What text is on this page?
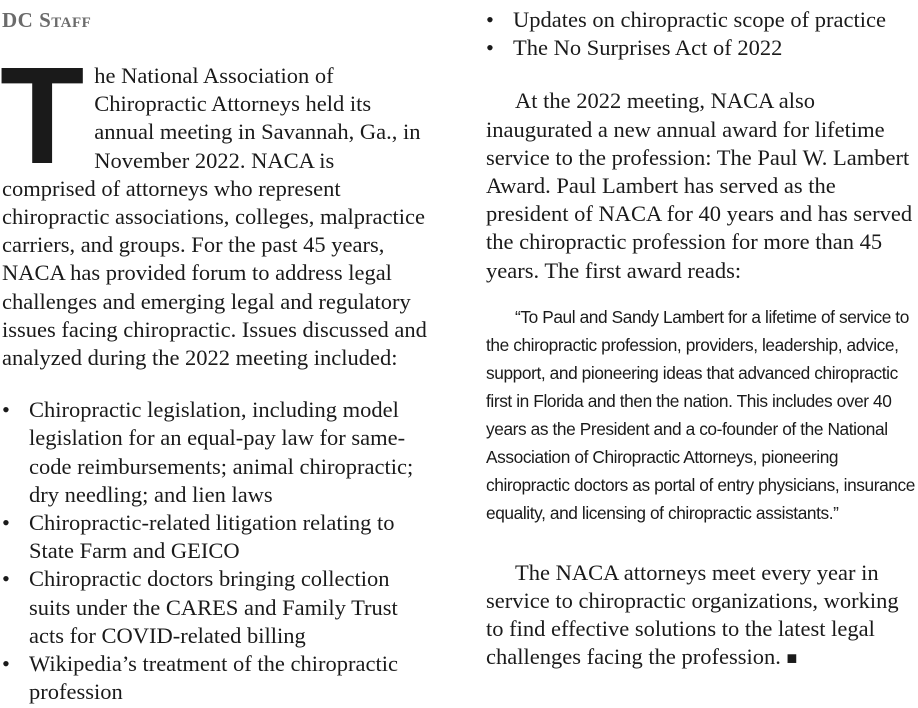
DC Staff

The National Association of Chiropractic Attorneys held its annual meeting in Savannah, Ga., in November 2022. NACA is comprised of attorneys who represent chiropractic associations, colleges, malpractice carriers, and groups. For the past 45 years, NACA has provided forum to address legal challenges and emerging legal and regulatory issues facing chiropractic. Issues discussed and analyzed during the 2022 meeting included:

• Chiropractic legislation, including model legislation for an equal-pay law for same-code reimbursements; animal chiropractic; dry needling; and lien laws
• Chiropractic-related litigation relating to State Farm and GEICO
• Chiropractic doctors bringing collection suits under the CARES and Family Trust acts for COVID-related billing
• Wikipedia’s treatment of the chiropractic profession
• Updates on chiropractic scope of practice
• The No Surprises Act of 2022

At the 2022 meeting, NACA also inaugurated a new annual award for lifetime service to the profession: The Paul W. Lambert Award. Paul Lambert has served as the president of NACA for 40 years and has served the chiropractic profession for more than 45 years. The first award reads:

“To Paul and Sandy Lambert for a lifetime of service to the chiropractic profession, providers, leadership, advice, support, and pioneering ideas that advanced chiropractic first in Florida and then the nation. This includes over 40 years as the President and a co-founder of the National Association of Chiropractic Attorneys, pioneering chiropractic doctors as portal of entry physicians, insurance equality, and licensing of chiropractic assistants.”

The NACA attorneys meet every year in service to chiropractic organizations, working to find effective solutions to the latest legal challenges facing the profession. ■
